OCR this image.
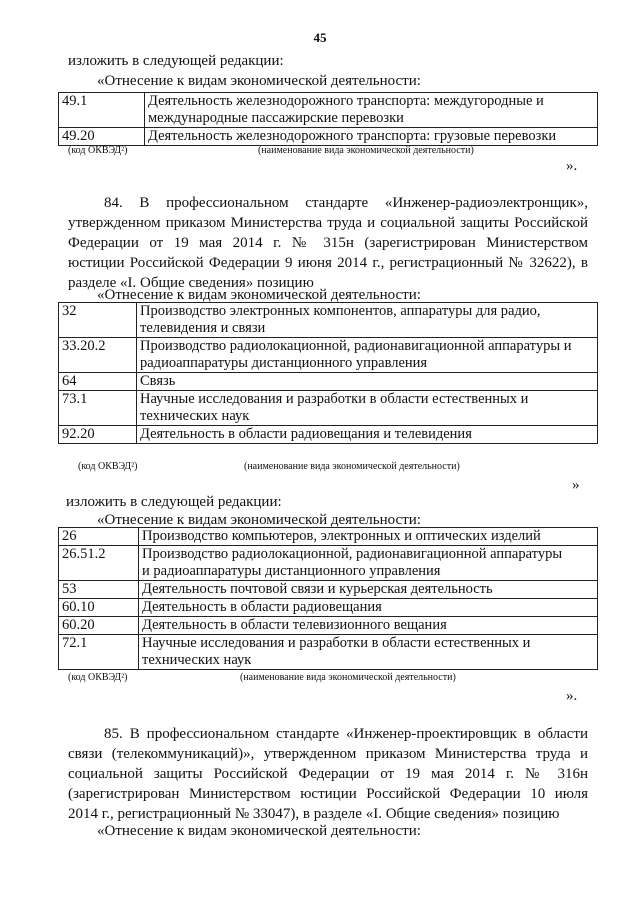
45
изложить в следующей редакции:
«Отнесение к видам экономической деятельности:
49.1	Деятельность железнодорожного транспорта: междугородные и
международные пассажирские перевозки

49.20	Деятельность железнодорожного транспорта: грузовые перевозки
(код ОКВЭД²)	(наименование вида экономической деятельности)
».
84. В профессиональном стандарте «Инженер-радиоэлектронщик»,
утвержденном приказом Министерства труда и социальной защиты Российской
Федерации от 19 мая 2014 г. № 315н (зарегистрирован Министерством
юстиции Российской Федерации 9 июня 2014 г., регистрационный № 32622), в
разделе «I. Общие сведения» позицию
«Отнесение к видам экономической деятельности:
32	Производство электронных компонентов, аппаратуры для радио,
телевидения и связи

33.20.2	Производство радиолокационной, радионавигационной аппаратуры и
радиоаппаратуры дистанционного управления

64	Связь

73.1	Научные исследования и разработки в области естественных и
технических наук

92.20	Деятельность в области радиовещания и телевидения
(код ОКВЭД²)	(наименование вида экономической деятельности)
»
изложить в следующей редакции:
«Отнесение к видам экономической деятельности:
26	Производство компьютеров, электронных и оптических изделий

26.51.2	Производство радиолокационной, радионавигационной аппаратуры
и радиоаппаратуры дистанционного управления

53	Деятельность почтовой связи и курьерская деятельность

60.10	Деятельность в области радиовещания

60.20	Деятельность в области телевизионного вещания

72.1	Научные исследования и разработки в области естественных и
технических наук
(код ОКВЭД²)	(наименование вида экономической деятельности)
».
85. В профессиональном стандарте «Инженер-проектировщик в области
связи (телекоммуникаций)», утвержденном приказом Министерства труда и
социальной защиты Российской Федерации от 19 мая 2014 г. № 316н
(зарегистрирован Министерством юстиции Российской Федерации 10 июля
2014 г., регистрационный № 33047), в разделе «I. Общие сведения» позицию
«Отнесение к видам экономической деятельности:
